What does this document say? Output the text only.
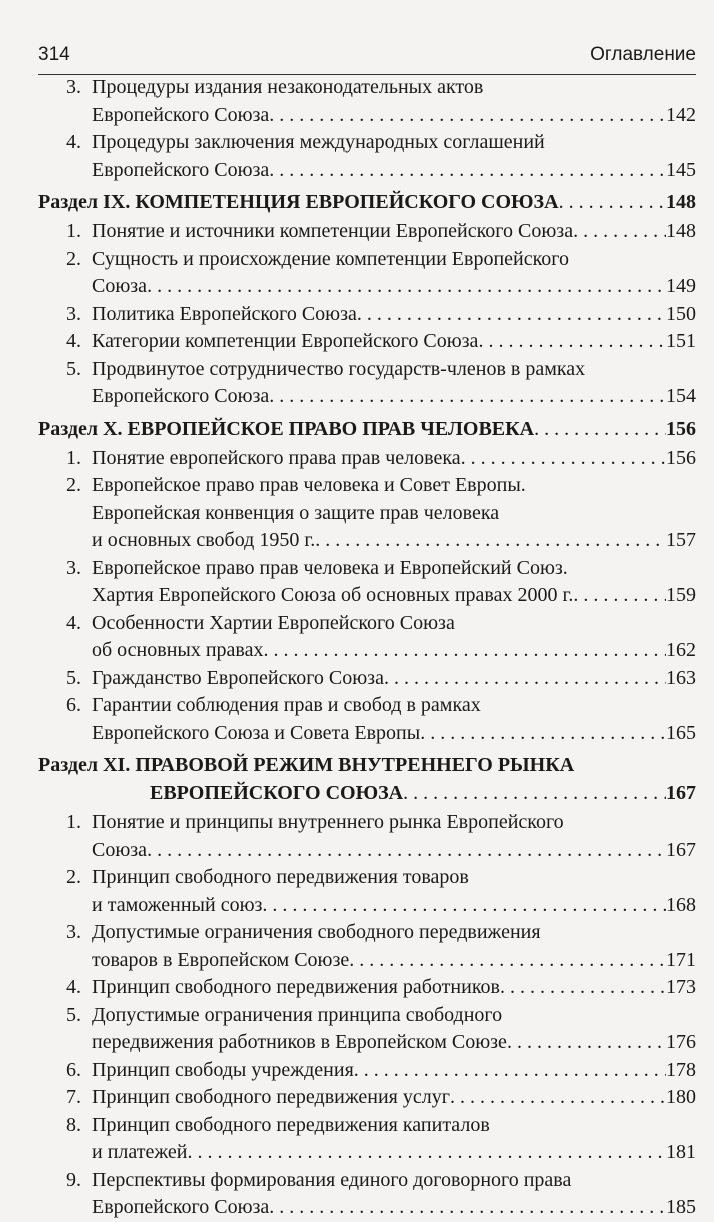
314	Оглавление
3. Процедуры издания незаконодательных актов
Европейского Союза . . .	142
4. Процедуры заключения международных соглашений
Европейского Союза . . .	145
Раздел IX. КОМПЕТЕНЦИЯ ЕВРОПЕЙСКОГО СОЮЗА . . .	148
1. Понятие и источники компетенции Европейского Союза . . .	148
2. Сущность и происхождение компетенции Европейского
Союза . . .	149
3. Политика Европейского Союза . . .	150
4. Категории компетенции Европейского Союза . . .	151
5. Продвинутое сотрудничество государств-членов в рамках
Европейского Союза . . .	154
Раздел X. ЕВРОПЕЙСКОЕ ПРАВО ПРАВ ЧЕЛОВЕКА . . .	156
1. Понятие европейского права прав человека . . .	156
2. Европейское право прав человека и Совет Европы.
Европейская конвенция о защите прав человека
и основных свобод 1950 г. . . .	157
3. Европейское право прав человека и Европейский Союз.
Хартия Европейского Союза об основных правах 2000 г. . . .	159
4. Особенности Хартии Европейского Союза
об основных правах . . .	162
5. Гражданство Европейского Союза . . .	163
6. Гарантии соблюдения прав и свобод в рамках
Европейского Союза и Совета Европы . . .	165
Раздел XI. ПРАВОВОЙ РЕЖИМ ВНУТРЕННЕГО РЫНКА
ЕВРОПЕЙСКОГО СОЮЗА . . .	167
1. Понятие и принципы внутреннего рынка Европейского
Союза . . .	167
2. Принцип свободного передвижения товаров
и таможенный союз . . .	168
3. Допустимые ограничения свободного передвижения
товаров в Европейском Союзе . . .	171
4. Принцип свободного передвижения работников . . .	173
5. Допустимые ограничения принципа свободного
передвижения работников в Европейском Союзе . . .	176
6. Принцип свободы учреждения . . .	178
7. Принцип свободного передвижения услуг . . .	180
8. Принцип свободного передвижения капиталов
и платежей . . .	181
9. Перспективы формирования единого договорного права
Европейского Союза . . .	185
